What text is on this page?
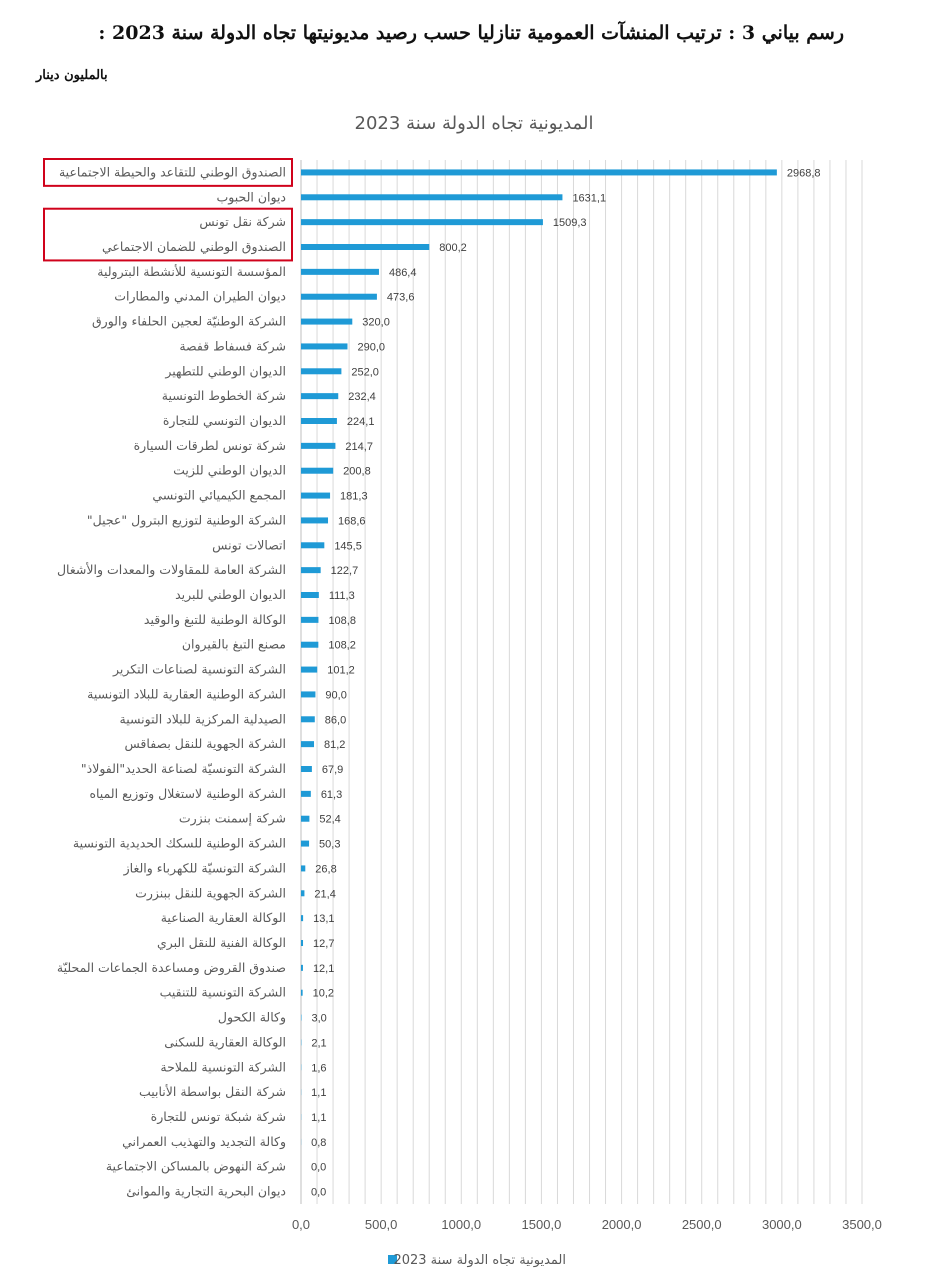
رسم بياني 3 : ترتيب المنشآت العمومية تنازليا حسب رصيد مديونيتها تجاه الدولة سنة 2023 :
بالمليون دينار
الصندوق الوطني للتقاعد والحيطة الاجتماعية
ديوان الحبوب
شركة نقل تونس
الصندوق الوطني للضمان الاجتماعي
المؤسسة التونسية للأنشطة البترولية
ديوان الطيران المدني والمطارات
الشركة الوطنيّة لعجين الحلفاء والورق
شركة فسفاط قفصة
الديوان الوطني للتطهير
شركة الخطوط التونسية
الديوان التونسي للتجارة
شركة تونس لطرقات السيارة
الديوان الوطني للزيت
المجمع الكيميائي التونسي
الشركة الوطنية لتوزيع البترول "عجيل"
اتصالات تونس
الشركة العامة للمقاولات والمعدات والأشغال
الديوان الوطني للبريد
الوكالة الوطنية للتبغ والوقيد
مصنع التبغ بالقيروان
الشركة التونسية لصناعات التكرير
الشركة الوطنية العقارية للبلاد التونسية
الصيدلية المركزية للبلاد التونسية
الشركة الجهوية للنقل بصفاقس
الشركة التونسيّة لصناعة الحديد"الفولاذ"
الشركة الوطنية لاستغلال وتوزيع المياه
شركة إسمنت بنزرت
الشركة الوطنية للسكك الحديدية التونسية
الشركة التونسيّة للكهرباء والغاز
الشركة الجهوية للنقل ببنزرت
الوكالة العقارية الصناعية
الوكالة الفنية للنقل البري
صندوق القروض ومساعدة الجماعات المحليّة
الشركة التونسية للتنقيب
وكالة الكحول
الوكالة العقارية للسكنى
الشركة التونسية للملاحة
شركة النقل بواسطة الأنابيب
شركة شبكة تونس للتجارة
وكالة التجديد والتهذيب العمراني
شركة النهوض بالمساكن الاجتماعية
ديوان البحرية التجارية والموانئ
2968,8
1631,1
1509,3
800,2
486,4
473,6
320,0
290,0
252,0
232,4
224,1
214,7
200,8
181,3
168,6
145,5
122,7
111,3
108,8
108,2
101,2
90,0
86,0
81,2
67,9
61,3
52,4
50,3
26,8
21,4
13,1
12,7
12,1
10,2
3,0
2,1
1,6
1,1
1,1
0,8
0,0
0,0
0,0	500,0	1000,0	1500,0	2000,0	2500,0	3000,0	3500,0
المديونية تجاه الدولة سنة 2023
المديونية تجاه الدولة سنة 2023
